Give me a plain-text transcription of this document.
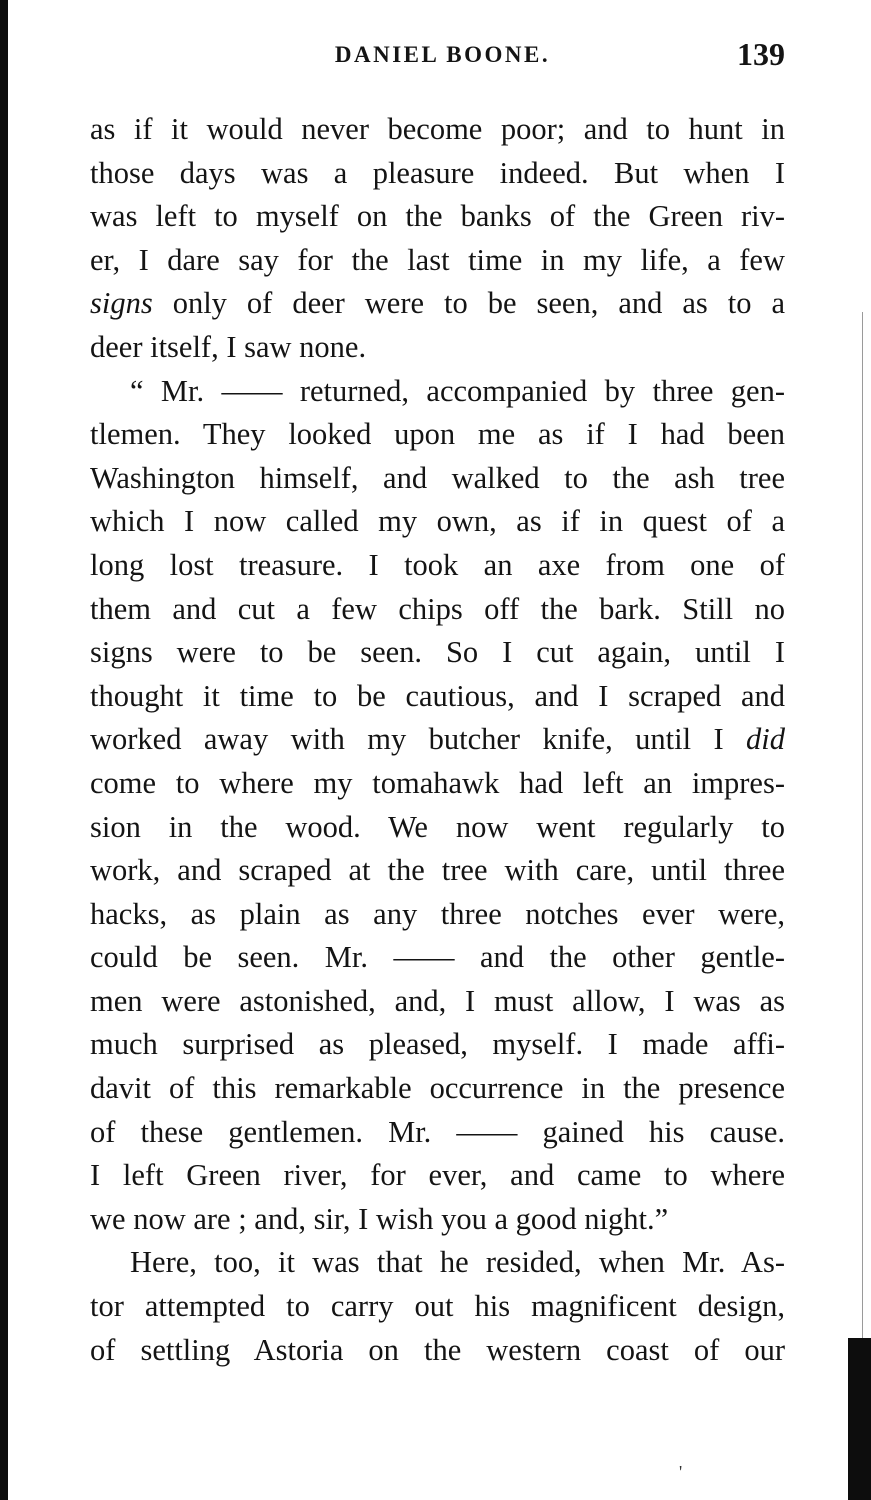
DANIEL BOONE.	139
as if it would never become poor; and to hunt in
those days was a pleasure indeed. But when I
was left to myself on the banks of the Green riv-
er, I dare say for the last time in my life, a few
signs only of deer were to be seen, and as to a
deer itself, I saw none.
“ Mr. —— returned, accompanied by three gen-
tlemen. They looked upon me as if I had been
Washington himself, and walked to the ash tree
which I now called my own, as if in quest of a
long lost treasure. I took an axe from one of
them and cut a few chips off the bark. Still no
signs were to be seen. So I cut again, until I
thought it time to be cautious, and I scraped and
worked away with my butcher knife, until I did
come to where my tomahawk had left an impres-
sion in the wood. We now went regularly to
work, and scraped at the tree with care, until three
hacks, as plain as any three notches ever were,
could be seen. Mr. —— and the other gentle-
men were astonished, and, I must allow, I was as
much surprised as pleased, myself. I made affi-
davit of this remarkable occurrence in the presence
of these gentlemen. Mr. —— gained his cause.
I left Green river, for ever, and came to where
we now are ; and, sir, I wish you a good night.”
Here, too, it was that he resided, when Mr. As-
tor attempted to carry out his magnificent design,
of settling Astoria on the western coast of our
'
